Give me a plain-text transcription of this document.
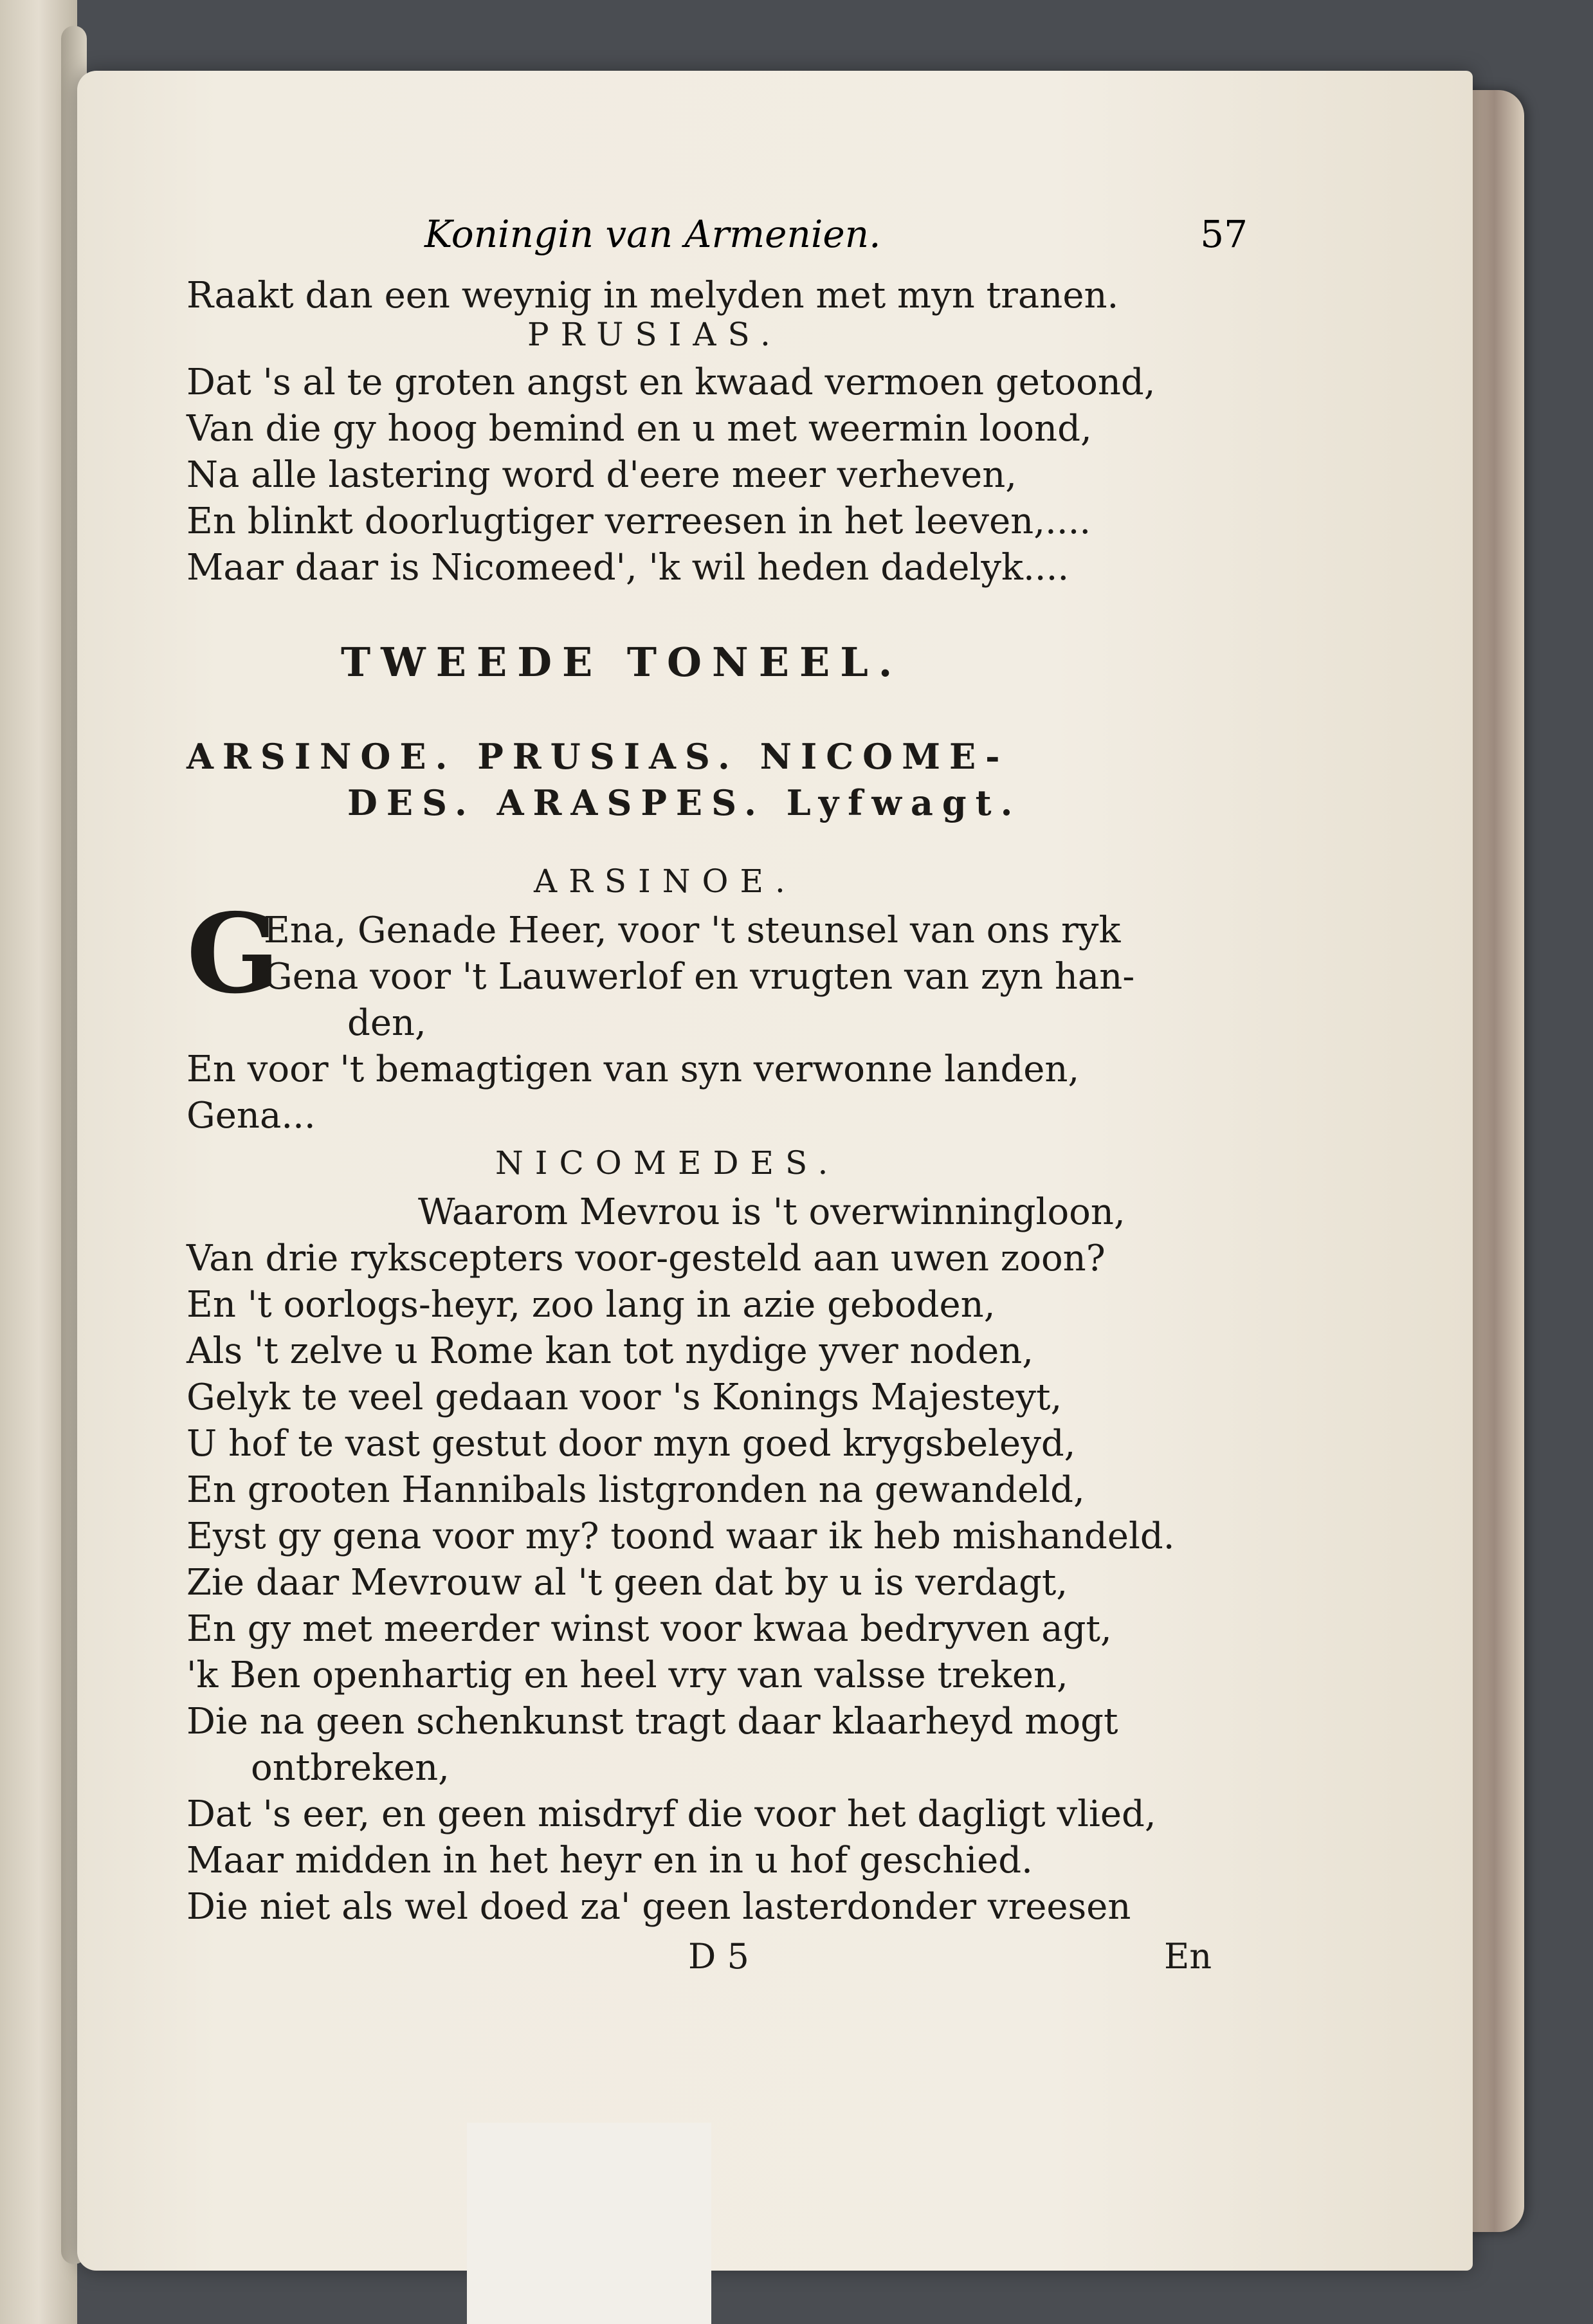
Koningin van Armenien.	57
Raakt dan een weynig in melyden met myn tranen.
PRUSIAS.
Dat 's al te groten angst en kwaad vermoen getoond,
Van die gy hoog bemind en u met weermin loond,
Na alle lastering word d'eere meer verheven,
En blinkt doorlugtiger verreesen in het leeven,....
Maar daar is Nicomeed', 'k wil heden dadelyk....
TWEEDE TONEEL.
ARSINOE. PRUSIAS. NICOME-
DES. ARASPES. Lyfwagt.
ARSINOE.
G
Ena, Genade Heer, voor 't steunsel van ons ryk
Gena voor 't Lauwerlof en vrugten van zyn han-
den,
En voor 't bemagtigen van syn verwonne landen,
Gena...
NICOMEDES.
Waarom Mevrou is 't overwinningloon,
Van drie rykscepters voor-gesteld aan uwen zoon?
En 't oorlogs-heyr, zoo lang in azie geboden,
Als 't zelve u Rome kan tot nydige yver noden,
Gelyk te veel gedaan voor 's Konings Majesteyt,
U hof te vast gestut door myn goed krygsbeleyd,
En grooten Hannibals listgronden na gewandeld,
Eyst gy gena voor my? toond waar ik heb mishandeld.
Zie daar Mevrouw al 't geen dat by u is verdagt,
En gy met meerder winst voor kwaa bedryven agt,
'k Ben openhartig en heel vry van valsse treken,
Die na geen schenkunst tragt daar klaarheyd mogt
ontbreken,
Dat 's eer, en geen misdryf die voor het dagligt vlied,
Maar midden in het heyr en in u hof geschied.
Die niet als wel doed za' geen lasterdonder vreesen
D 5	En
